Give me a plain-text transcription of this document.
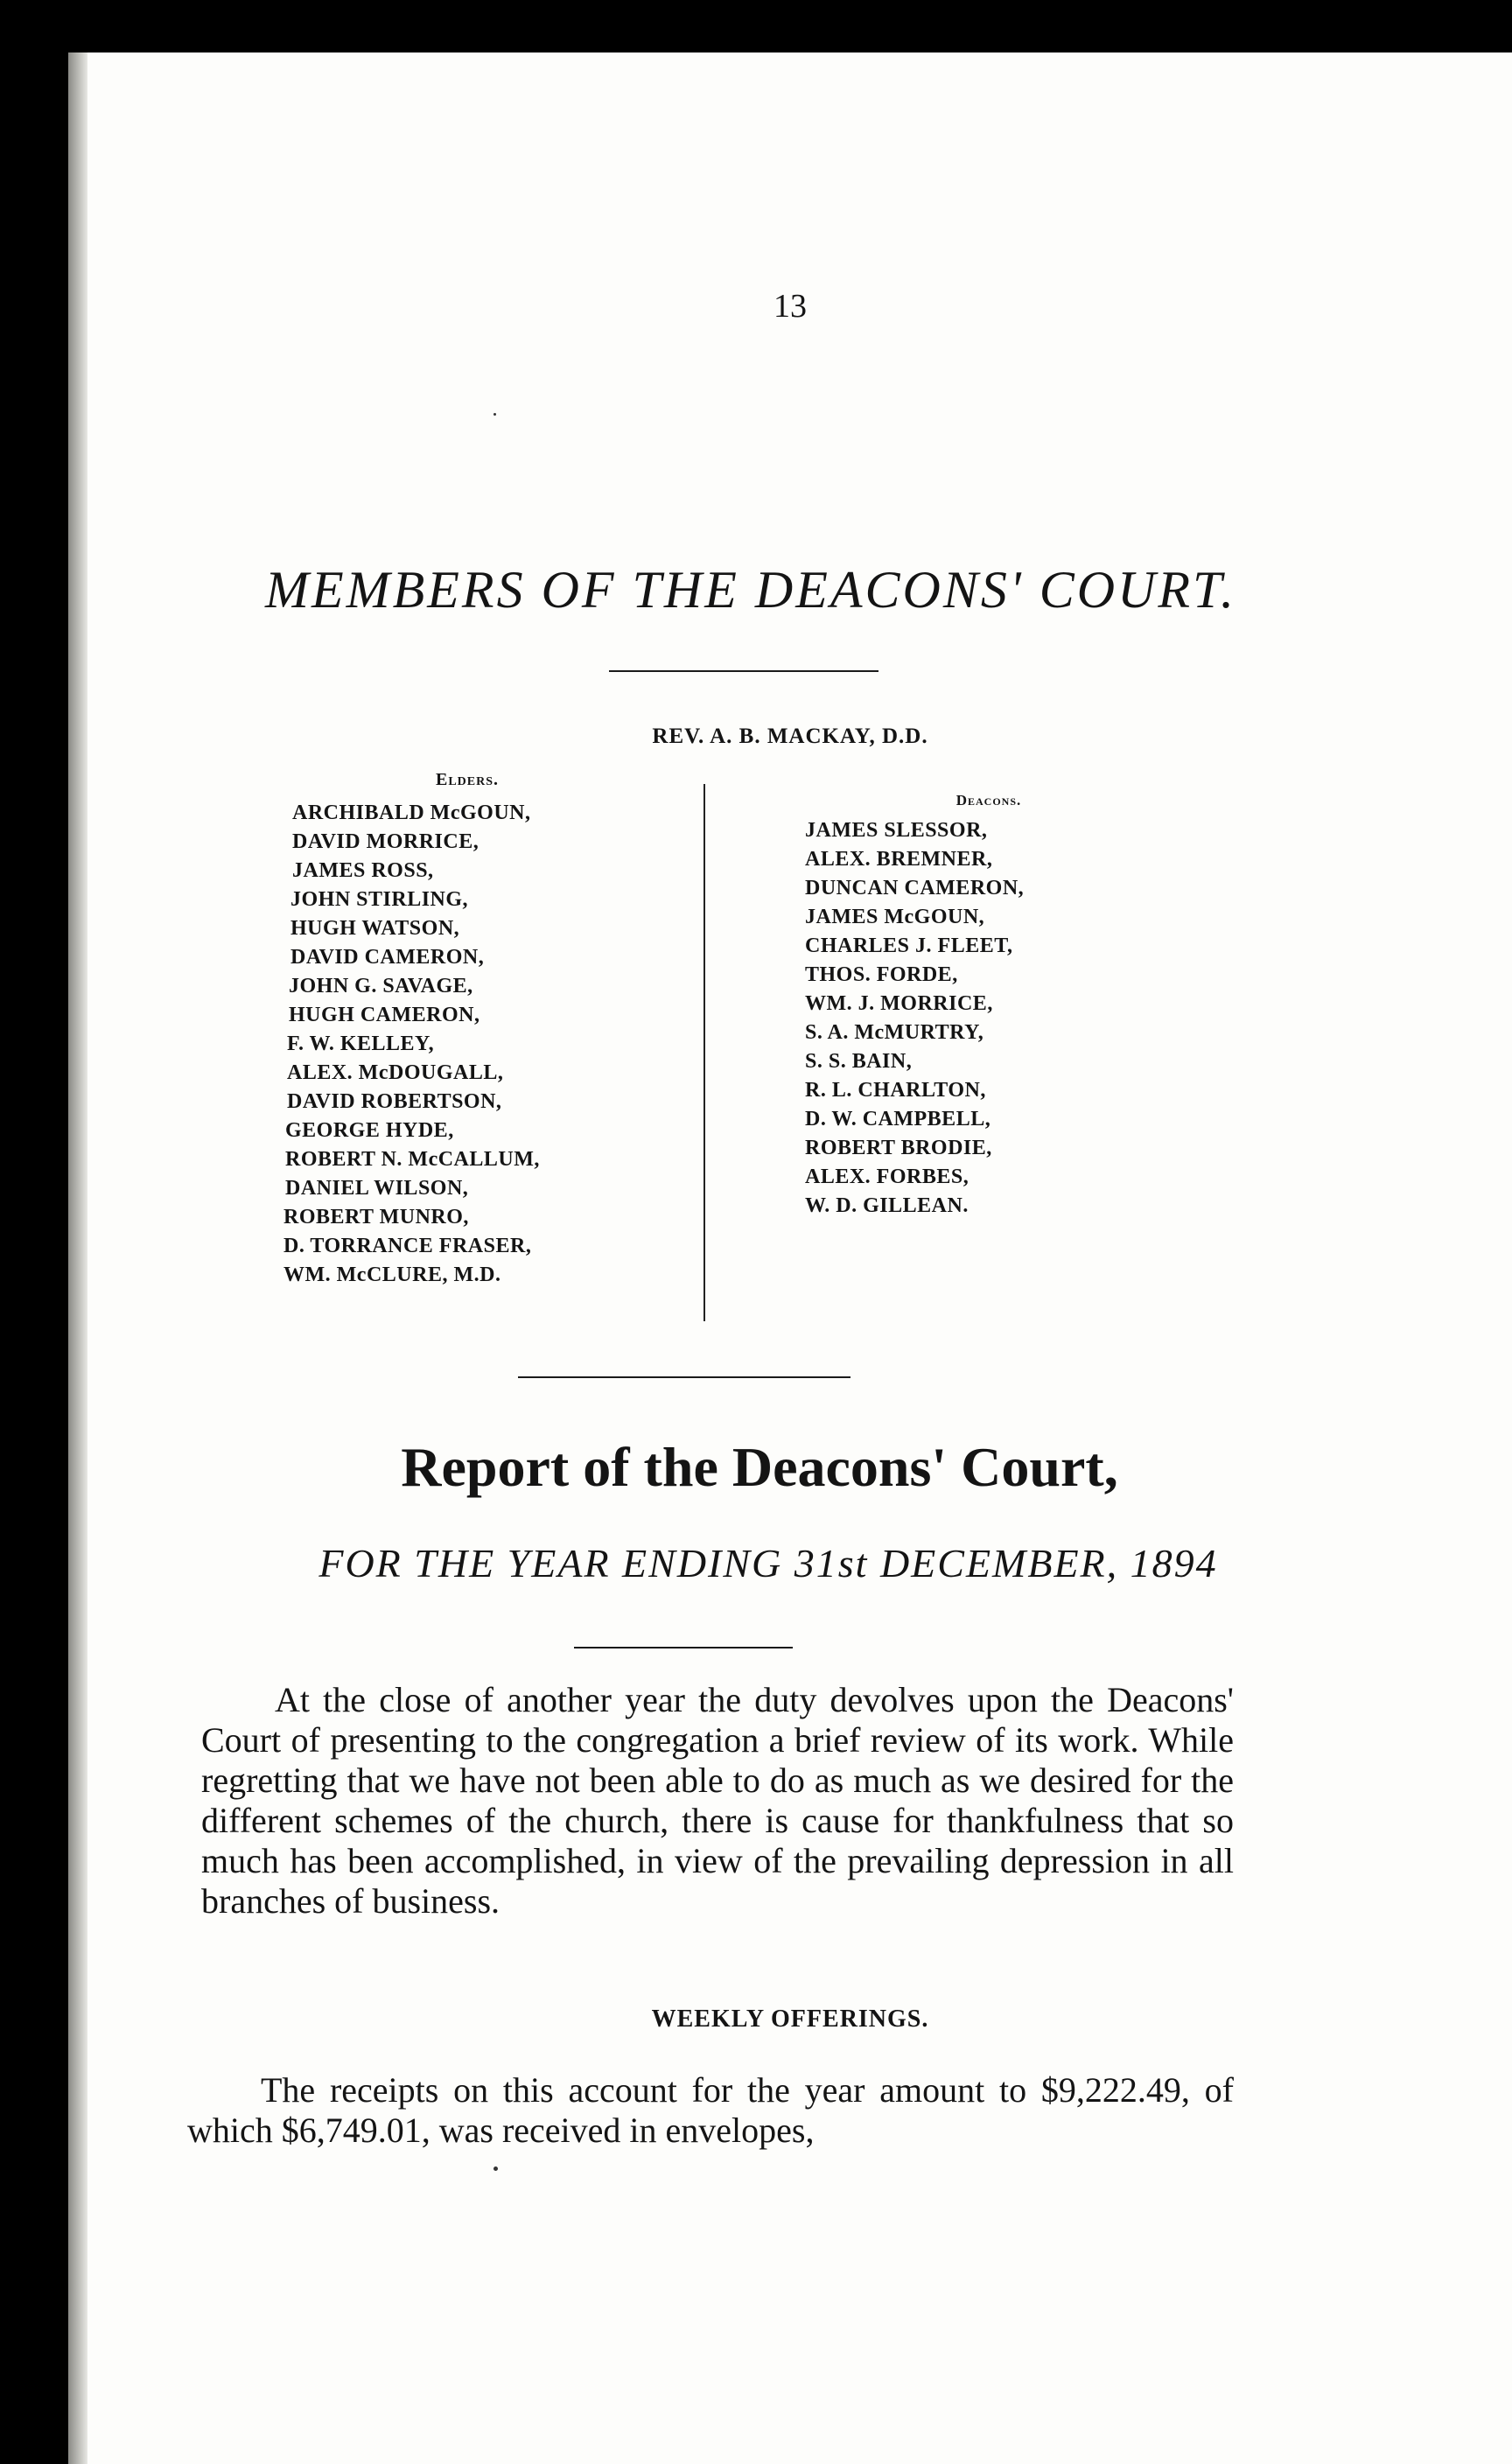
13
MEMBERS OF THE DEACONS' COURT.
REV. A. B. MACKAY, D.D.
Elders.
ARCHIBALD McGOUN,
DAVID MORRICE,
JAMES ROSS,
JOHN STIRLING,
HUGH WATSON,
DAVID CAMERON,
JOHN G. SAVAGE,
HUGH CAMERON,
F. W. KELLEY,
ALEX. McDOUGALL,
DAVID ROBERTSON,
GEORGE HYDE,
ROBERT N. McCALLUM,
DANIEL WILSON,
ROBERT MUNRO,
D. TORRANCE FRASER,
WM. McCLURE, M.D.
Deacons.
JAMES SLESSOR,
ALEX. BREMNER,
DUNCAN CAMERON,
JAMES McGOUN,
CHARLES J. FLEET,
THOS. FORDE,
WM. J. MORRICE,
S. A. McMURTRY,
S. S. BAIN,
R. L. CHARLTON,
D. W. CAMPBELL,
ROBERT BRODIE,
ALEX. FORBES,
W. D. GILLEAN.
Report of the Deacons' Court,
FOR THE YEAR ENDING 31st DECEMBER, 1894
At the close of another year the duty devolves upon the Deacons' Court of presenting to the congregation a brief review of its work. While regretting that we have not been able to do as much as we desired for the different schemes of the church, there is cause for thankfulness that so much has been accomplished, in view of the prevailing depression in all branches of business.
WEEKLY OFFERINGS.
The receipts on this account for the year amount to $9,222.49, of which $6,749.01, was received in envelopes,
